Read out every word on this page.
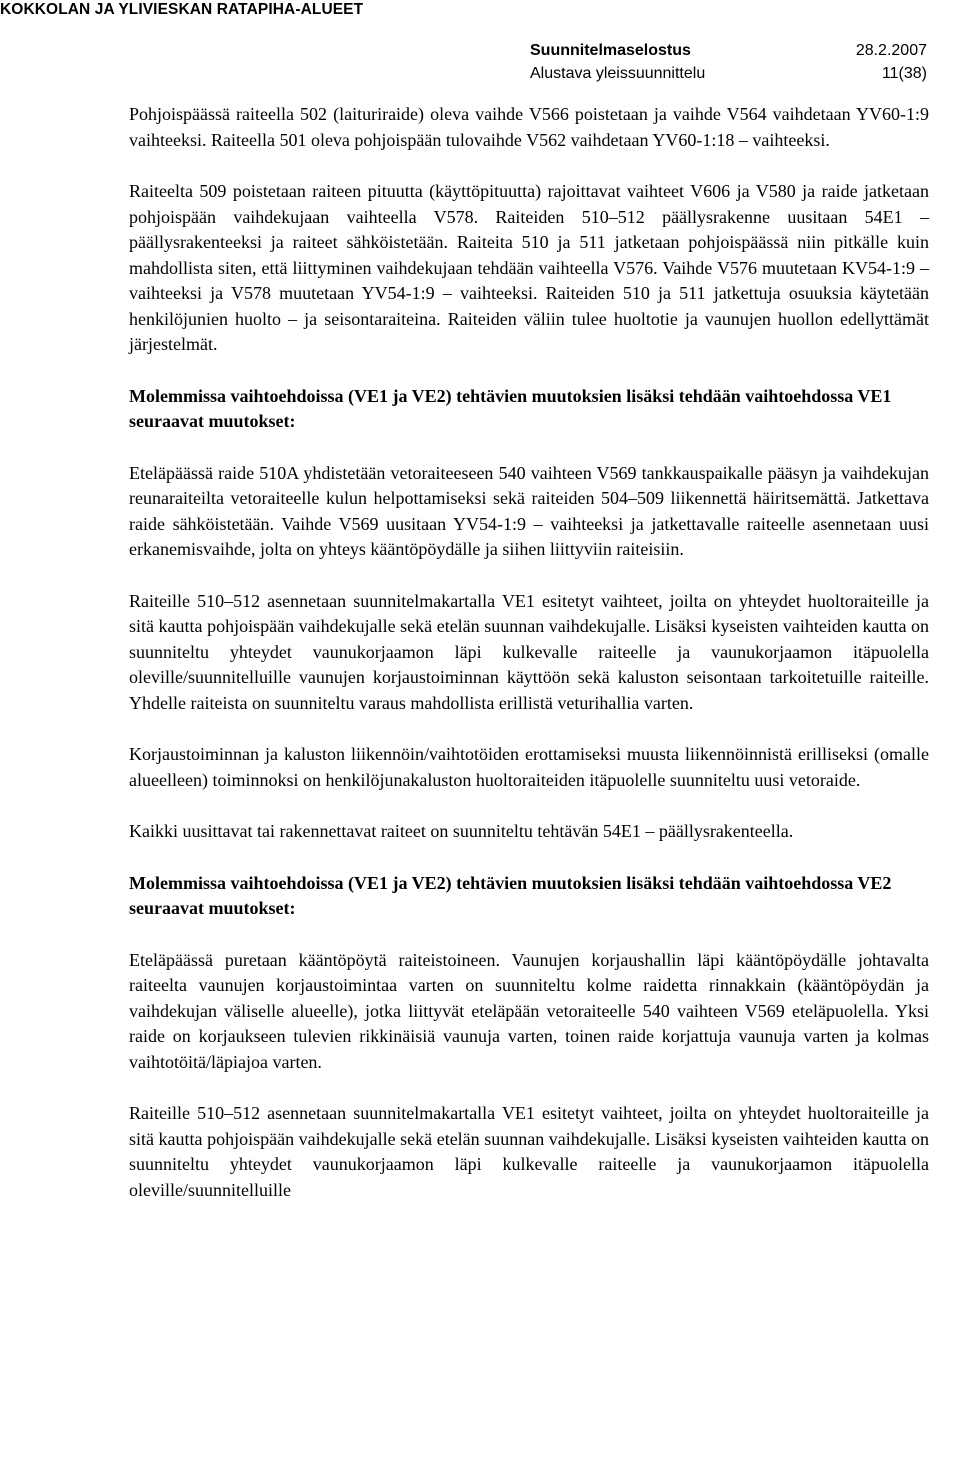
KOKKOLAN JA YLIVIESKAN RATAPIHA-ALUEET
Suunnitelmaselostus	28.2.2007
Alustava yleissuunnittelu	11(38)

Pohjoispäässä raiteella 502 (laituriraide) oleva vaihde V566 poistetaan ja vaihde V564 vaihdetaan YV60-1:9 vaihteeksi. Raiteella 501 oleva pohjoispään tulovaihde V562 vaihdetaan YV60-1:18 – vaihteeksi.

Raiteelta 509 poistetaan raiteen pituutta (käyttöpituutta) rajoittavat vaihteet V606 ja V580 ja raide jatketaan pohjoispään vaihdekujaan vaihteella V578. Raiteiden 510–512 päällysrakenne uusitaan 54E1 – päällysrakenteeksi ja raiteet sähköistetään. Raiteita 510 ja 511 jatketaan pohjoispäässä niin pitkälle kuin mahdollista siten, että liittyminen vaihdekujaan tehdään vaihteella V576. Vaihde V576 muutetaan KV54-1:9 – vaihteeksi ja V578 muutetaan YV54-1:9 – vaihteeksi. Raiteiden 510 ja 511 jatkettuja osuuksia käytetään henkilöjunien huolto – ja seisontaraiteina. Raiteiden väliin tulee huoltotie ja vaunujen huollon edellyttämät järjestelmät.

Molemmissa vaihtoehdoissa (VE1 ja VE2) tehtävien muutoksien lisäksi tehdään vaihtoehdossa VE1 seuraavat muutokset:

Eteläpäässä raide 510A yhdistetään vetoraiteeseen 540 vaihteen V569 tankkauspaikalle pääsyn ja vaihdekujan reunaraiteilta vetoraiteelle kulun helpottamiseksi sekä raiteiden 504–509 liikennettä häiritsemättä. Jatkettava raide sähköistetään. Vaihde V569 uusitaan YV54-1:9 – vaihteeksi ja jatkettavalle raiteelle asennetaan uusi erkanemisvaihde, jolta on yhteys kääntöpöydälle ja siihen liittyviin raiteisiin.

Raiteille 510–512 asennetaan suunnitelmakartalla VE1 esitetyt vaihteet, joilta on yhteydet huoltoraiteille ja sitä kautta pohjoispään vaihdekujalle sekä etelän suunnan vaihdekujalle. Lisäksi kyseisten vaihteiden kautta on suunniteltu yhteydet vaunukorjaamon läpi kulkevalle raiteelle ja vaunukorjaamon itäpuolella oleville/suunnitelluille vaunujen korjaustoiminnan käyttöön sekä kaluston seisontaan tarkoitetuille raiteille. Yhdelle raiteista on suunniteltu varaus mahdollista erillistä veturihallia varten.

Korjaustoiminnan ja kaluston liikennöin/vaihtotöiden erottamiseksi muusta liikennöinnistä erilliseksi (omalle alueelleen) toiminnoksi on henkilöjunakaluston huoltoraiteiden itäpuolelle suunniteltu uusi vetoraide.

Kaikki uusittavat tai rakennettavat raiteet on suunniteltu tehtävän 54E1 – päällysrakenteella.

Molemmissa vaihtoehdoissa (VE1 ja VE2) tehtävien muutoksien lisäksi tehdään vaihtoehdossa VE2 seuraavat muutokset:

Eteläpäässä puretaan kääntöpöytä raiteistoineen. Vaunujen korjaushallin läpi kääntöpöydälle johtavalta raiteelta vaunujen korjaustoimintaa varten on suunniteltu kolme raidetta rinnakkain (kääntöpöydän ja vaihdekujan väliselle alueelle), jotka liittyvät eteläpään vetoraiteelle 540 vaihteen V569 eteläpuolella. Yksi raide on korjaukseen tulevien rikkinäisiä vaunuja varten, toinen raide korjattuja vaunuja varten ja kolmas vaihtotöitä/läpiajoa varten.

Raiteille 510–512 asennetaan suunnitelmakartalla VE1 esitetyt vaihteet, joilta on yhteydet huoltoraiteille ja sitä kautta pohjoispään vaihdekujalle sekä etelän suunnan vaihdekujalle. Lisäksi kyseisten vaihteiden kautta on suunniteltu yhteydet vaunukorjaamon läpi kulkevalle raiteelle ja vaunukorjaamon itäpuolella oleville/suunnitelluille
